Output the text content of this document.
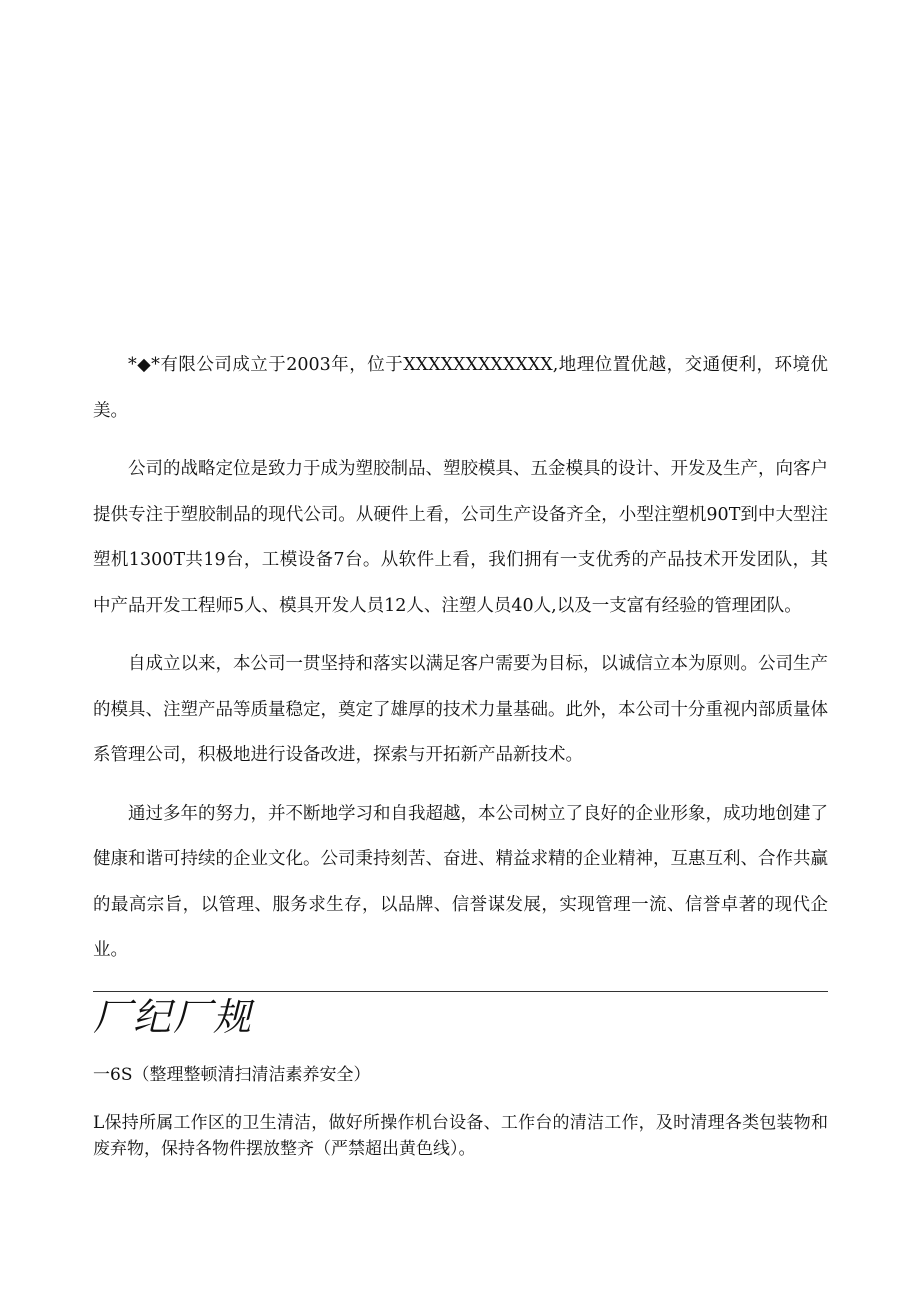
*◆*有限公司成立于2003年，位于XXXXXXXXXXXX,地理位置优越，交通便利，环境优美。

公司的战略定位是致力于成为塑胶制品、塑胶模具、五金模具的设计、开发及生产，向客户提供专注于塑胶制品的现代公司。从硬件上看，公司生产设备齐全，小型注塑机90T到中大型注塑机1300T共19台，工模设备7台。从软件上看，我们拥有一支优秀的产品技术开发团队，其中产品开发工程师5人、模具开发人员12人、注塑人员40人,以及一支富有经验的管理团队。

自成立以来，本公司一贯坚持和落实以满足客户需要为目标，以诚信立本为原则。公司生产的模具、注塑产品等质量稳定，奠定了雄厚的技术力量基础。此外，本公司十分重视内部质量体系管理公司，积极地进行设备改进，探索与开拓新产品新技术。

通过多年的努力，并不断地学习和自我超越，本公司树立了良好的企业形象，成功地创建了健康和谐可持续的企业文化。公司秉持刻苦、奋进、精益求精的企业精神，互惠互利、合作共赢的最高宗旨，以管理、服务求生存，以品牌、信誉谋发展，实现管理一流、信誉卓著的现代企业。

厂纪厂规
一6S（整理整顿清扫清洁素养安全）
L保持所属工作区的卫生清洁，做好所操作机台设备、工作台的清洁工作，及时清理各类包装物和废弃物，保持各物件摆放整齐（严禁超出黄色线）。
